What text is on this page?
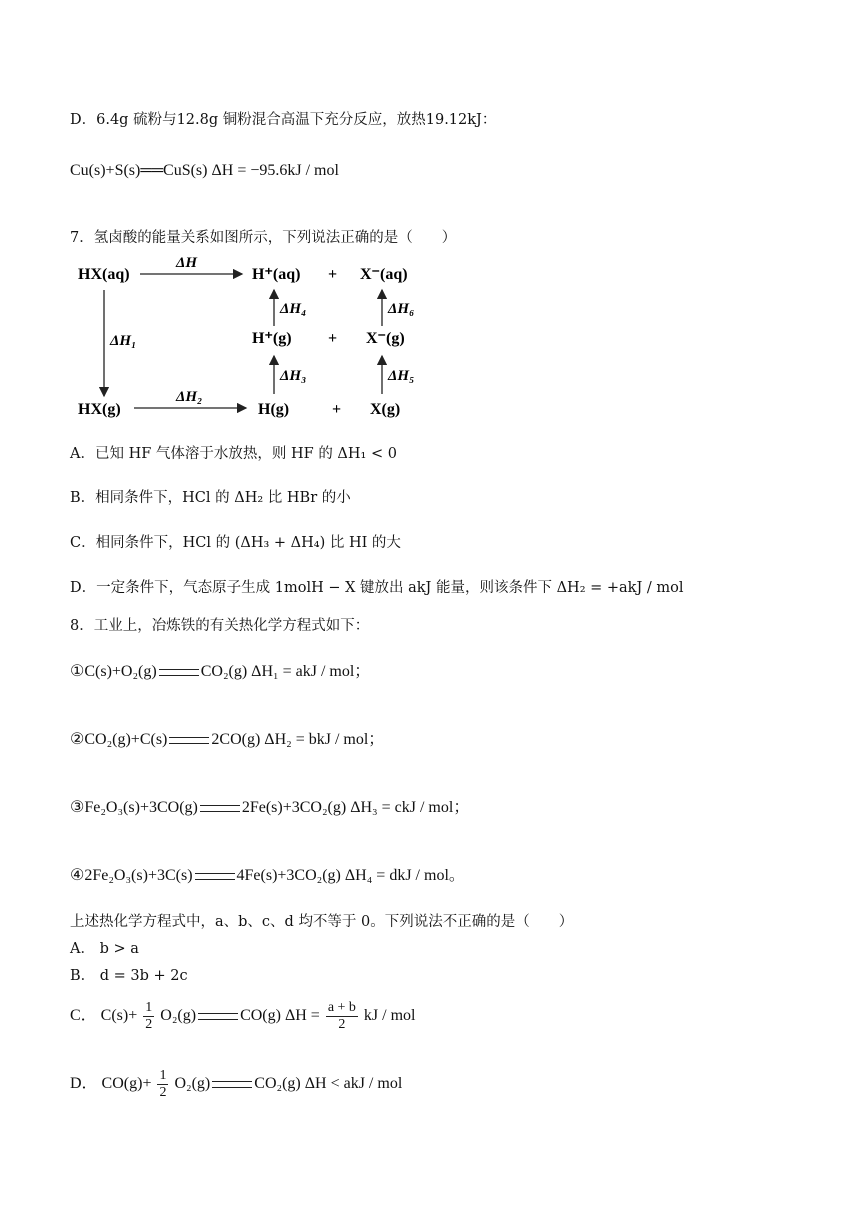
D．6.4g 硫粉与12.8g 铜粉混合高温下充分反应，放热19.12kJ：
Cu(s)+S(s)══CuS(s) ΔH = −95.6kJ / mol
7．氢卤酸的能量关系如图所示，下列说法正确的是（　　）
HX(aq)
ΔH
H⁺(aq) + X⁻(aq)
ΔH₁
ΔH₄	ΔH₆
H⁺(g) + X⁻(g)
ΔH₃	ΔH₅
HX(g)
ΔH₂
H(g)	+ X(g)
A．已知 HF 气体溶于水放热，则 HF 的 ΔH₁ < 0
B．相同条件下，HCl 的 ΔH₂ 比 HBr 的小
C．相同条件下，HCl 的 (ΔH₃ + ΔH₄) 比 HI 的大
D．一定条件下，气态原子生成 1molH − X 键放出 akJ 能量，则该条件下 ΔH₂ = +akJ / mol
8．工业上，冶炼铁的有关热化学方程式如下：
①C(s)+O₂(g)	CO₂(g) ΔH₁ = akJ / mol；
②CO₂(g)+C(s)	2CO(g) ΔH₂ = bkJ / mol；
③Fe₂O₃(s)+3CO(g)	2Fe(s)+3CO₂(g) ΔH₃ = ckJ / mol；
④2Fe₂O₃(s)+3C(s)	4Fe(s)+3CO₂(g) ΔH₄ = dkJ / mol。
上述热化学方程式中，a、b、c、d 均不等于 0。下列说法不正确的是（　　）
A． b > a
B． d = 3b + 2c
C． $C(s)+ \frac{1}{2} O_2(g)$	CO(g) $\Delta H = \frac{a + b}{2}$ kJ / mol
D． $CO(g)+ \frac{1}{2} O_2(g)$	CO₂(g) ΔH < akJ / mol
